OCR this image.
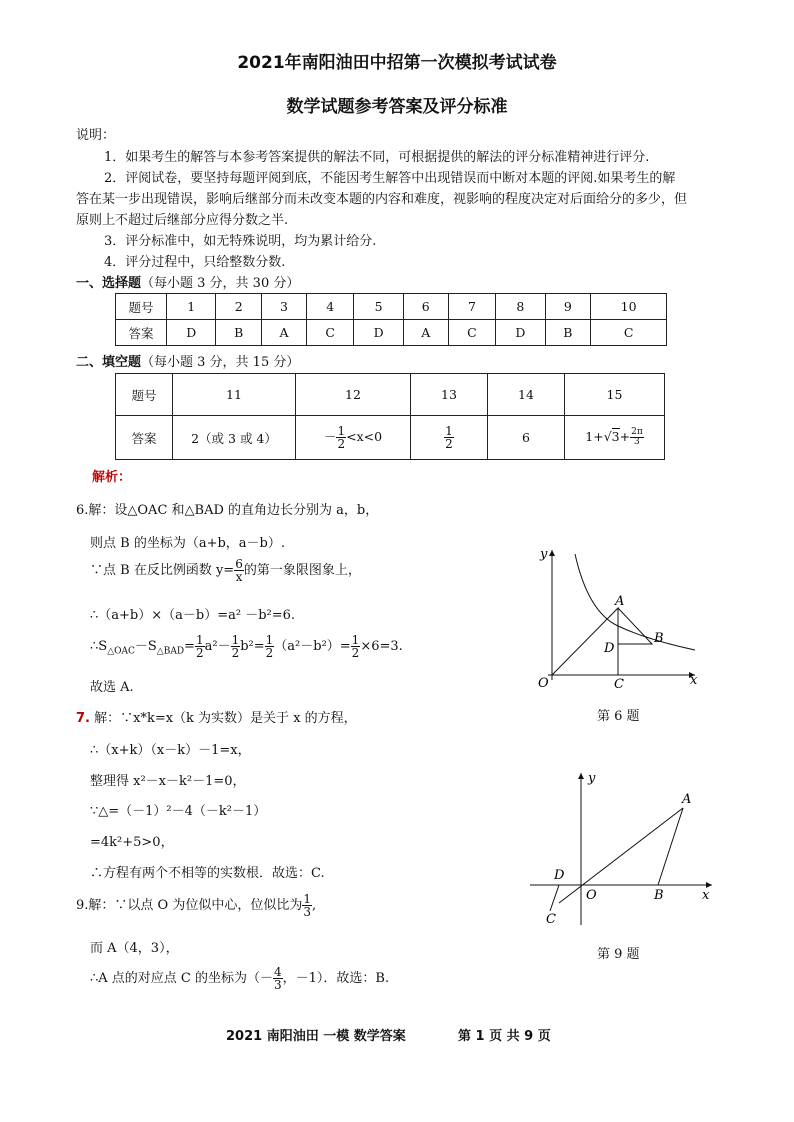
2021年南阳油田中招第一次模拟考试试卷
数学试题参考答案及评分标准
说明：
1．如果考生的解答与本参考答案提供的解法不同，可根据提供的解法的评分标准精神进行评分.
2．评阅试卷，要坚持每题评阅到底，不能因考生解答中出现错误而中断对本题的评阅.如果考生的解
答在某一步出现错误，影响后继部分而未改变本题的内容和难度，视影响的程度决定对后面给分的多少，但
原则上不超过后继部分应得分数之半.
3．评分标准中，如无特殊说明，均为累计给分.
4．评分过程中，只给整数分数.
一、选择题（每小题 3 分，共 30 分）
题号	1	2	3	4	5	6	7	8	9	10
答案	D	B	A	C	D	A	C	D	B	C
二、填空题（每小题 3 分，共 15 分）
题号	11	12	13	14	15
答案	2（或 3 或 4）	－ $\frac{1}{2} <x<0$	$\frac{1}{2}$	6	$1+√3+ \frac{2\pi}{3}$
解析：
6.解：设△OAC 和△BAD 的直角边长分别为 a，b，
则点 B 的坐标为（a+b，a－b）.
∵点 B 在反比例函数 $y= \frac{6}{x}$ 的第一象限图象上，
∴（a+b）×（a－b）=a² －b²=6.
$\therefore S_{\triangle OAC}-S_{\triangle BAD}= \frac{1}{2} a^2- \frac{1}{2} b^2= \frac{1}{2} (a^2-b^2)= \frac{1}{2} \times 6=3$.
故选 A.
y
x
O
A
B
C
D
第 6 题
7. 解：∵x*k=x（k 为实数）是关于 x 的方程，
∴（x+k）（x－k）－1=x，
整理得 x²－x－k²－1=0，
∵△=（－1）²－4（－k²－1）
=4k²+5>0，
∴方程有两个不相等的实数根．故选：C.
y
x
O
A
B
C
D
第 9 题
9.解：∵以点 O 为位似中心，位似比为 $\frac{1}{3}$ ,
而 A（4，3），
∴A 点的对应点 C 的坐标为（－ $\frac{4}{3}$ ，－1）．故选：B.
2021 南阳油田 一模 数学答案	第 1 页 共 9 页
